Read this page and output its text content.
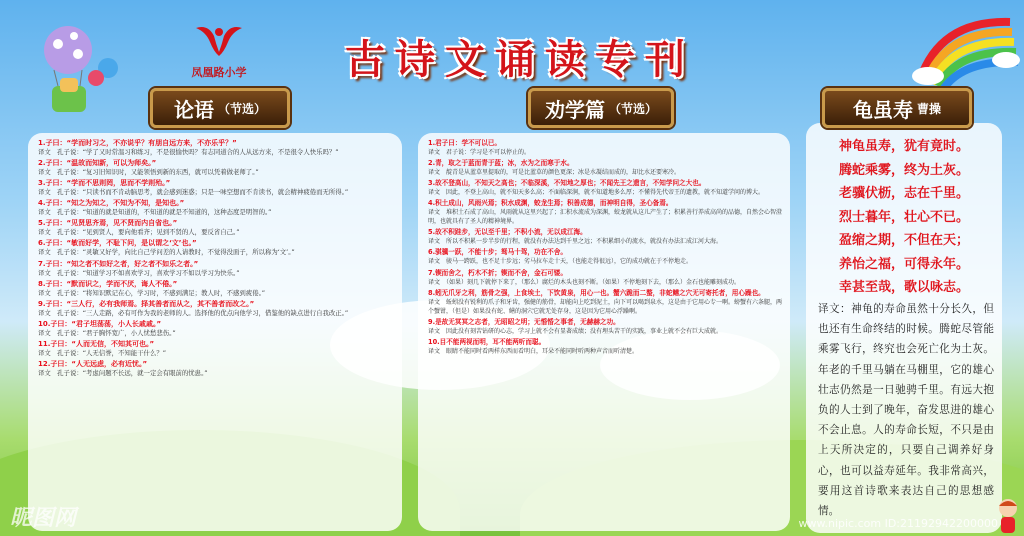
凤凰路小学	古诗文诵读专刊
1.子曰：“学而时习之，不亦说乎？有朋自远方来，不亦乐乎？”
译文　孔子说：“学了又时常温习和练习，不是很愉快吗？有志同道合的人从远方来，不是很令人快乐吗？”
2.子曰：“温故而知新，可以为师矣。”
译文　孔子说：“复习旧知识时，又能领悟到新的东西，就可以凭着做老师了。”
3.子曰：“学而不思则罔，思而不学则殆。”
译文　孔子说：“只读书而不肯动脑思考，就会感到迷惑；只是一味空想而不肯读书，就会精神疲倦而无所得。”
4.子曰：“知之为知之，不知为不知，是知也。”
译文　孔子说：“知道的就是知道的，不知道的就是不知道的，这种态度是明智的。”
5.子曰：“见贤思齐焉，见不贤而内自省也。”
译文　孔子说：“见到贤人，要向他看齐；见到不贤的人，要反省自己。”
6.子曰：“敏而好学，不耻下问，是以谓之‘文’也。”
译文　孔子说：“灵敏又好学，向比自己学问差的人请教时，不觉得没面子，所以称为‘文’。”
7.子曰：“知之者不如好之者，好之者不如乐之者。”
译文　孔子说：“知道学习不如喜欢学习，喜欢学习不如以学习为快乐。”
8.子曰：“默而识之，学而不厌，诲人不倦。”
译文　孔子说：“将知识默记在心，学习时，不感到满足；教人时，不感到疲倦。”
9.子曰：“三人行，必有我师焉。择其善者而从之，其不善者而改之。”
译文　孔子说：“三人走路，必有可作为我的老师的人。选择他的优点向他学习，借鉴他的缺点进行自我改正。”
10.子曰：“君子坦荡荡，小人长戚戚。”
译文　孔子说：“君子胸怀宽广，小人忧愁悲伤。”
11.子曰：“人而无信，不知其可也。”
译文　孔子说：“人无信誉，不知能干什么？”
12.子曰：“人无远虑，必有近忧。”
译文　孔子说：“考虑问题不长远，就一定会有眼前的忧患。”
1.君子曰：学不可以已。
译文　君子说：学习是不可以停止的。
2.青，取之于蓝而青于蓝；冰，水为之而寒于水。
译文　靛青是从蓝草里提取的，可是比蓝草的颜色更深；冰是水凝结而成的，却比水还要寒冷。
3.故不登高山，不知天之高也；不临深溪，不知地之厚也；不闻先王之遗言，不知学问之大也。
译文　因此，不登上高山，就不知天多么高；不面临深涧，就不知道地多么厚；不懂得先代帝王的遗教，就不知道学问的博大。
4.积土成山，风雨兴焉；积水成渊，蛟龙生焉；积善成德，而神明自得，圣心备焉。
译文　堆积土石成了高山，风雨就从这里兴起了；汇积水流成为深渊，蛟龙就从这儿产生了；积累善行养成高尚的品德，自然会心智澄明，也就具有了圣人的精神境界。
5.故不积跬步，无以至千里；不积小流，无以成江海。
译文　所以不积累一步半步的行程，就没有办法达到千里之远；不积累细小的流水，就没有办法汇成江河大海。
6.骐骥一跃，不能十步；驽马十驾，功在不舍。
译文　骏马一跨跃，也不足十步远；劣马拉车走十天，（也能走得很远），它的成功就在于不停地走。
7.锲而舍之，朽木不折；锲而不舍，金石可镂。
译文　（如果）刻几下就停下来了，（那么）腐烂的木头也刻不断。（如果）不停地刻下去，（那么）金石也能雕刻成功。
8.蚓无爪牙之利，筋骨之强，上食埃土，下饮黄泉，用心一也。蟹六跪而二螯，非蛇鳝之穴无可寄托者，用心躁也。
译文　蚯蚓没有锐利的爪子和牙齿，强健的筋骨，却能向上吃到泥土，向下可以喝到泉水，这是由于它用心专一啊。螃蟹有六条腿，两个蟹钳，（但是）如果没有蛇、鳝的洞穴它就无处存身，这是因为它用心浮躁啊。
9.是故无冥冥之志者，无昭昭之明；无惛惛之事者，无赫赫之功。
译文　因此没有刻苦钻研的心志，学习上就不会有显著成绩；没有埋头苦干的实践，事业上就不会有巨大成就。
10.目不能两视而明，耳不能两听而聪。
译文　眼睛不能同时看两样东西而看明白，耳朵不能同时听两种声音而听清楚。
神龟虽寿，犹有竟时。
腾蛇乘雾，终为土灰。
老骥伏枥，志在千里。
烈士暮年，壮心不已。
盈缩之期，不但在天；
养怡之福，可得永年。
幸甚至哉，歌以咏志。
译文：神龟的寿命虽然十分长久，但也还有生命终结的时候。腾蛇尽管能乘雾飞行，终究也会死亡化为土灰。年老的千里马躺在马棚里，它的雄心壮志仍然是一日驰骋千里。有远大抱负的人士到了晚年，奋发思进的雄心不会止息。人的寿命长短，不只是由上天所决定的，只要自己调养好身心，也可以益寿延年。我非常高兴，要用这首诗歌来表达自己的思想感情。
论语 （节选）	劝学篇 （节选）	龟虽寿 曹操
昵图网	www.nipic.com ID:21192942200000
